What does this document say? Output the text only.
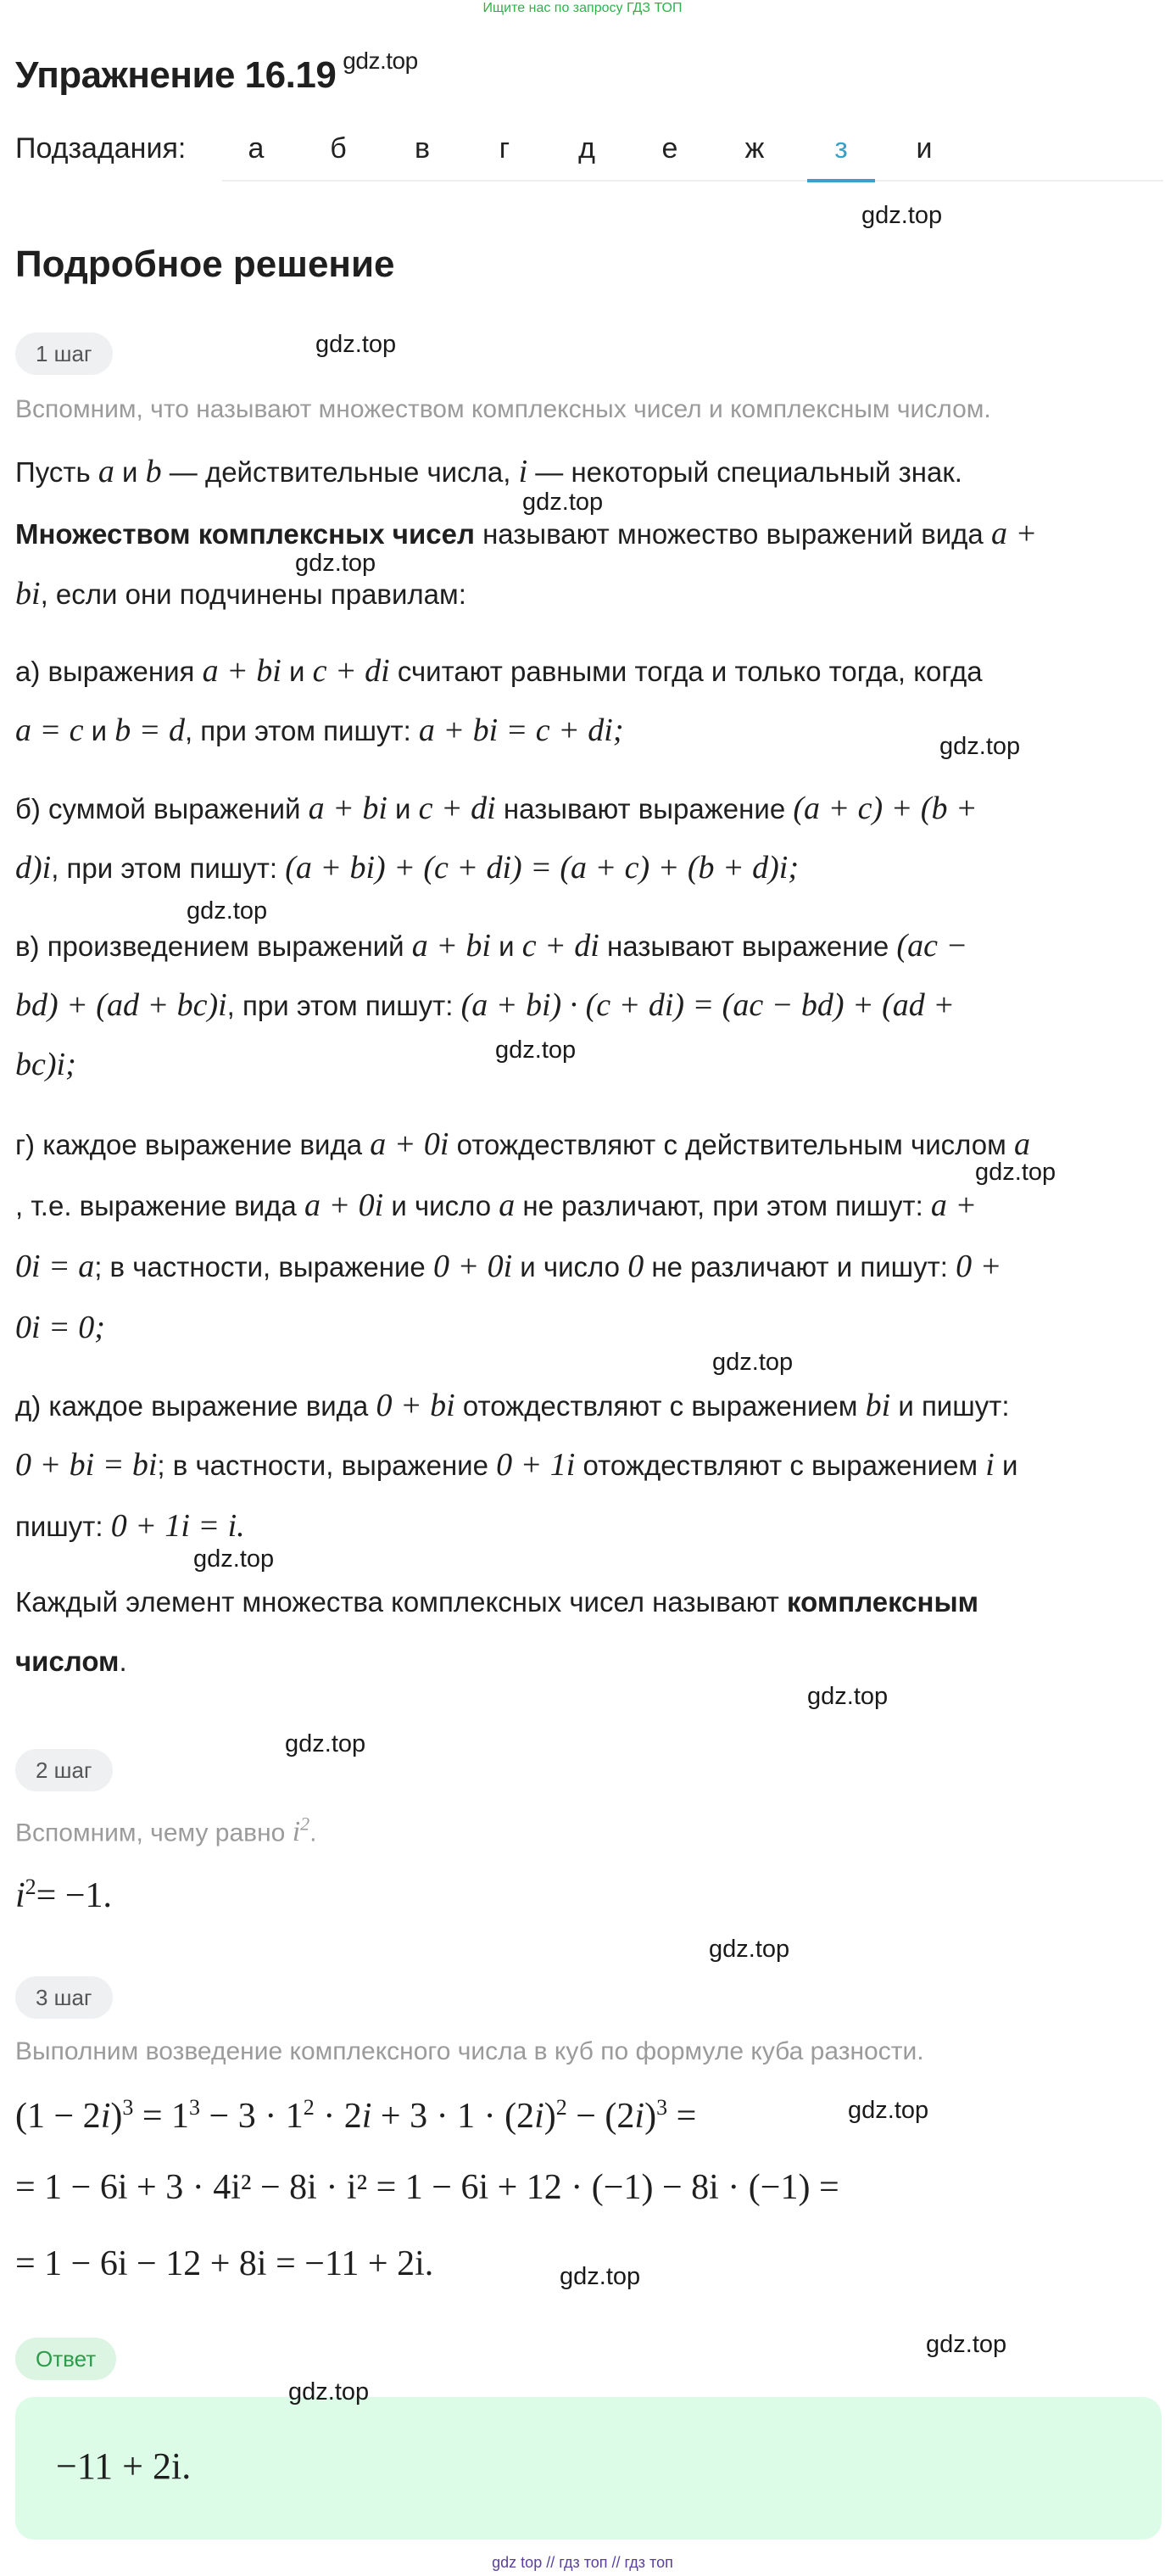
Ищите нас по запросу ГДЗ ТОП
Упражнение 16.19 $^{gdz.top}$
Подзадания:	а	б	в	г	д	е	ж	з	и
gdz.top
Подробное решение
1 шаг	gdz.top
Вспомним, что называют множеством комплексных чисел и комплексным числом.
Пусть a и b — действительные числа, i — некоторый специальный знак.
gdz.top
Множеством комплексных чисел называют множество выражений вида a +
gdz.top
bi, если они подчинены правилам:
а) выражения a + bi и c + di считают равными тогда и только тогда, когда
a = c и b = d, при этом пишут: a + bi = c + di;	gdz.top
б) суммой выражений a + bi и c + di называют выражение (a + c) + (b +
d)i, при этом пишут: (a + bi) + (c + di) = (a + c) + (b + d)i;
gdz.top
в) произведением выражений a + bi и c + di называют выражение (ac −
bd) + (ad + bc)i, при этом пишут: (a + bi) · (c + di) = (ac − bd) + (ad +
bc)i;	gdz.top
г) каждое выражение вида a + 0i отождествляют с действительным числом a
gdz.top
, т.е. выражение вида a + 0i и число a не различают, при этом пишут: a +
0i = a; в частности, выражение 0 + 0i и число 0 не различают и пишут: 0 +
0i = 0;
gdz.top
д) каждое выражение вида 0 + bi отождествляют с выражением bi и пишут:
0 + bi = bi; в частности, выражение 0 + 1i отождествляют с выражением i и
пишут: 0 + 1i = i.
gdz.top
Каждый элемент множества комплексных чисел называют комплексным
числом.
gdz.top
gdz.top
2 шаг
Вспомним, чему равно $i^2$.
$i^2= -1$.
gdz.top
3 шаг
Выполним возведение комплексного числа в куб по формуле куба разности.
$(1 - 2i)^3 = 1^3 - 3 \cdot 1^2 \cdot 2i + 3 \cdot 1 \cdot (2i)^2 - (2i)^3$ =	gdz.top
= 1 − 6i + 3 · 4i² − 8i · i² = 1 − 6i + 12 · (−1) − 8i · (−1) =
= 1 − 6i − 12 + 8i = −11 + 2i.	gdz.top
gdz.top
Ответ
−11 + 2i.
gdz.top
gdz top // гдз топ // гдз топ
